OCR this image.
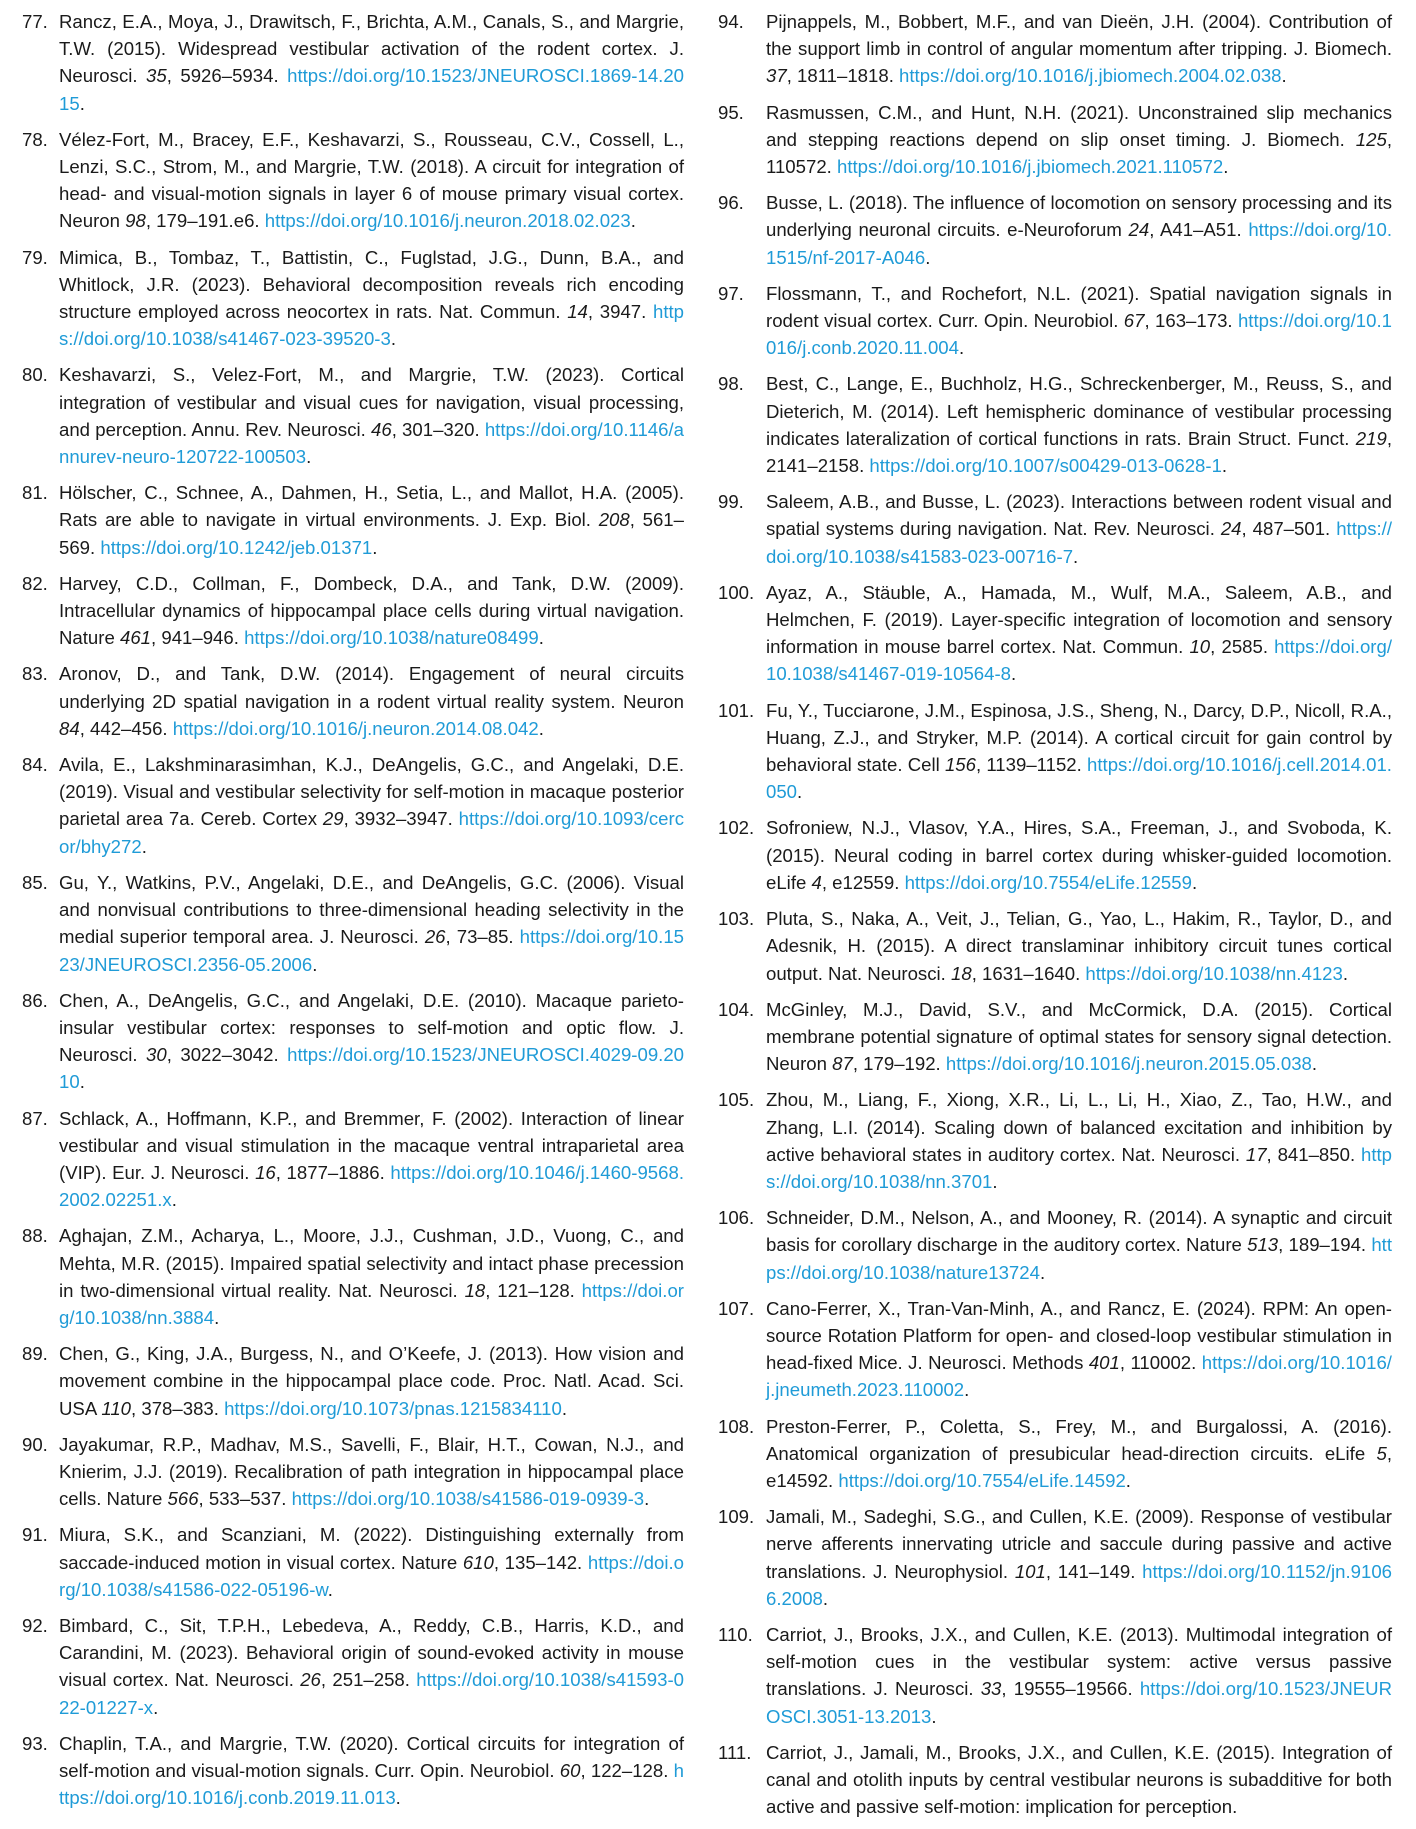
77. Rancz, E.A., Moya, J., Drawitsch, F., Brichta, A.M., Canals, S., and Margrie, T.W. (2015). Widespread vestibular activation of the rodent cortex. J. Neurosci. 35, 5926–5934. https://doi.org/10.1523/JNEUROSCI.1869-14.2015.
78. Vélez-Fort, M., Bracey, E.F., Keshavarzi, S., Rousseau, C.V., Cossell, L., Lenzi, S.C., Strom, M., and Margrie, T.W. (2018). A circuit for integration of head- and visual-motion signals in layer 6 of mouse primary visual cortex. Neuron 98, 179–191.e6. https://doi.org/10.1016/j.neuron.2018.02.023.
79. Mimica, B., Tombaz, T., Battistin, C., Fuglstad, J.G., Dunn, B.A., and Whitlock, J.R. (2023). Behavioral decomposition reveals rich encoding structure employed across neocortex in rats. Nat. Commun. 14, 3947. https://doi.org/10.1038/s41467-023-39520-3.
80. Keshavarzi, S., Velez-Fort, M., and Margrie, T.W. (2023). Cortical integration of vestibular and visual cues for navigation, visual processing, and perception. Annu. Rev. Neurosci. 46, 301–320. https://doi.org/10.1146/annurev-neuro-120722-100503.
81. Hölscher, C., Schnee, A., Dahmen, H., Setia, L., and Mallot, H.A. (2005). Rats are able to navigate in virtual environments. J. Exp. Biol. 208, 561–569. https://doi.org/10.1242/jeb.01371.
82. Harvey, C.D., Collman, F., Dombeck, D.A., and Tank, D.W. (2009). Intracellular dynamics of hippocampal place cells during virtual navigation. Nature 461, 941–946. https://doi.org/10.1038/nature08499.
83. Aronov, D., and Tank, D.W. (2014). Engagement of neural circuits underlying 2D spatial navigation in a rodent virtual reality system. Neuron 84, 442–456. https://doi.org/10.1016/j.neuron.2014.08.042.
84. Avila, E., Lakshminarasimhan, K.J., DeAngelis, G.C., and Angelaki, D.E. (2019). Visual and vestibular selectivity for self-motion in macaque posterior parietal area 7a. Cereb. Cortex 29, 3932–3947. https://doi.org/10.1093/cercor/bhy272.
85. Gu, Y., Watkins, P.V., Angelaki, D.E., and DeAngelis, G.C. (2006). Visual and nonvisual contributions to three-dimensional heading selectivity in the medial superior temporal area. J. Neurosci. 26, 73–85. https://doi.org/10.1523/JNEUROSCI.2356-05.2006.
86. Chen, A., DeAngelis, G.C., and Angelaki, D.E. (2010). Macaque parieto-insular vestibular cortex: responses to self-motion and optic flow. J. Neurosci. 30, 3022–3042. https://doi.org/10.1523/JNEUROSCI.4029-09.2010.
87. Schlack, A., Hoffmann, K.P., and Bremmer, F. (2002). Interaction of linear vestibular and visual stimulation in the macaque ventral intraparietal area (VIP). Eur. J. Neurosci. 16, 1877–1886. https://doi.org/10.1046/j.1460-9568.2002.02251.x.
88. Aghajan, Z.M., Acharya, L., Moore, J.J., Cushman, J.D., Vuong, C., and Mehta, M.R. (2015). Impaired spatial selectivity and intact phase precession in two-dimensional virtual reality. Nat. Neurosci. 18, 121–128. https://doi.org/10.1038/nn.3884.
89. Chen, G., King, J.A., Burgess, N., and O’Keefe, J. (2013). How vision and movement combine in the hippocampal place code. Proc. Natl. Acad. Sci. USA 110, 378–383. https://doi.org/10.1073/pnas.1215834110.
90. Jayakumar, R.P., Madhav, M.S., Savelli, F., Blair, H.T., Cowan, N.J., and Knierim, J.J. (2019). Recalibration of path integration in hippocampal place cells. Nature 566, 533–537. https://doi.org/10.1038/s41586-019-0939-3.
91. Miura, S.K., and Scanziani, M. (2022). Distinguishing externally from saccade-induced motion in visual cortex. Nature 610, 135–142. https://doi.org/10.1038/s41586-022-05196-w.
92. Bimbard, C., Sit, T.P.H., Lebedeva, A., Reddy, C.B., Harris, K.D., and Carandini, M. (2023). Behavioral origin of sound-evoked activity in mouse visual cortex. Nat. Neurosci. 26, 251–258. https://doi.org/10.1038/s41593-022-01227-x.
93. Chaplin, T.A., and Margrie, T.W. (2020). Cortical circuits for integration of self-motion and visual-motion signals. Curr. Opin. Neurobiol. 60, 122–128. https://doi.org/10.1016/j.conb.2019.11.013.
94. Pijnappels, M., Bobbert, M.F., and van Dieën, J.H. (2004). Contribution of the support limb in control of angular momentum after tripping. J. Biomech. 37, 1811–1818. https://doi.org/10.1016/j.jbiomech.2004.02.038.
95. Rasmussen, C.M., and Hunt, N.H. (2021). Unconstrained slip mechanics and stepping reactions depend on slip onset timing. J. Biomech. 125, 110572. https://doi.org/10.1016/j.jbiomech.2021.110572.
96. Busse, L. (2018). The influence of locomotion on sensory processing and its underlying neuronal circuits. e-Neuroforum 24, A41–A51. https://doi.org/10.1515/nf-2017-A046.
97. Flossmann, T., and Rochefort, N.L. (2021). Spatial navigation signals in rodent visual cortex. Curr. Opin. Neurobiol. 67, 163–173. https://doi.org/10.1016/j.conb.2020.11.004.
98. Best, C., Lange, E., Buchholz, H.G., Schreckenberger, M., Reuss, S., and Dieterich, M. (2014). Left hemispheric dominance of vestibular processing indicates lateralization of cortical functions in rats. Brain Struct. Funct. 219, 2141–2158. https://doi.org/10.1007/s00429-013-0628-1.
99. Saleem, A.B., and Busse, L. (2023). Interactions between rodent visual and spatial systems during navigation. Nat. Rev. Neurosci. 24, 487–501. https://doi.org/10.1038/s41583-023-00716-7.
100. Ayaz, A., Stäuble, A., Hamada, M., Wulf, M.A., Saleem, A.B., and Helmchen, F. (2019). Layer-specific integration of locomotion and sensory information in mouse barrel cortex. Nat. Commun. 10, 2585. https://doi.org/10.1038/s41467-019-10564-8.
101. Fu, Y., Tucciarone, J.M., Espinosa, J.S., Sheng, N., Darcy, D.P., Nicoll, R.A., Huang, Z.J., and Stryker, M.P. (2014). A cortical circuit for gain control by behavioral state. Cell 156, 1139–1152. https://doi.org/10.1016/j.cell.2014.01.050.
102. Sofroniew, N.J., Vlasov, Y.A., Hires, S.A., Freeman, J., and Svoboda, K. (2015). Neural coding in barrel cortex during whisker-guided locomotion. eLife 4, e12559. https://doi.org/10.7554/eLife.12559.
103. Pluta, S., Naka, A., Veit, J., Telian, G., Yao, L., Hakim, R., Taylor, D., and Adesnik, H. (2015). A direct translaminar inhibitory circuit tunes cortical output. Nat. Neurosci. 18, 1631–1640. https://doi.org/10.1038/nn.4123.
104. McGinley, M.J., David, S.V., and McCormick, D.A. (2015). Cortical membrane potential signature of optimal states for sensory signal detection. Neuron 87, 179–192. https://doi.org/10.1016/j.neuron.2015.05.038.
105. Zhou, M., Liang, F., Xiong, X.R., Li, L., Li, H., Xiao, Z., Tao, H.W., and Zhang, L.I. (2014). Scaling down of balanced excitation and inhibition by active behavioral states in auditory cortex. Nat. Neurosci. 17, 841–850. https://doi.org/10.1038/nn.3701.
106. Schneider, D.M., Nelson, A., and Mooney, R. (2014). A synaptic and circuit basis for corollary discharge in the auditory cortex. Nature 513, 189–194. https://doi.org/10.1038/nature13724.
107. Cano-Ferrer, X., Tran-Van-Minh, A., and Rancz, E. (2024). RPM: An open-source Rotation Platform for open- and closed-loop vestibular stimulation in head-fixed Mice. J. Neurosci. Methods 401, 110002. https://doi.org/10.1016/j.jneumeth.2023.110002.
108. Preston-Ferrer, P., Coletta, S., Frey, M., and Burgalossi, A. (2016). Anatomical organization of presubicular head-direction circuits. eLife 5, e14592. https://doi.org/10.7554/eLife.14592.
109. Jamali, M., Sadeghi, S.G., and Cullen, K.E. (2009). Response of vestibular nerve afferents innervating utricle and saccule during passive and active translations. J. Neurophysiol. 101, 141–149. https://doi.org/10.1152/jn.91066.2008.
110. Carriot, J., Brooks, J.X., and Cullen, K.E. (2013). Multimodal integration of self-motion cues in the vestibular system: active versus passive translations. J. Neurosci. 33, 19555–19566. https://doi.org/10.1523/JNEUROSCI.3051-13.2013.
111. Carriot, J., Jamali, M., Brooks, J.X., and Cullen, K.E. (2015). Integration of canal and otolith inputs by central vestibular neurons is subadditive for both active and passive self-motion: implication for perception.
